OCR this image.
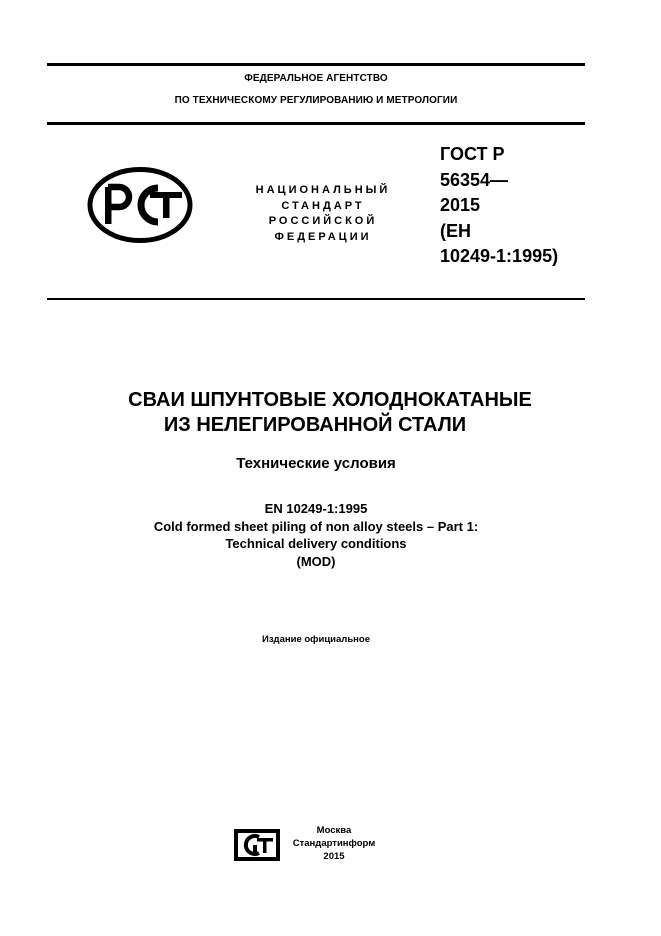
ФЕДЕРАЛЬНОЕ АГЕНТСТВО
ПО ТЕХНИЧЕСКОМУ РЕГУЛИРОВАНИЮ И МЕТРОЛОГИИ
НАЦИОНАЛЬНЫЙ
СТАНДАРТ
РОССИЙСКОЙ
ФЕДЕРАЦИИ
ГОСТ Р
56354—
2015
(ЕН
10249-1:1995)
СВАИ ШПУНТОВЫЕ ХОЛОДНОКАТАНЫЕ
ИЗ НЕЛЕГИРОВАННОЙ СТАЛИ
Технические условия
EN 10249-1:1995
Cold formed sheet piling of non alloy steels – Part 1:
Technical delivery conditions
(MOD)
Издание официальное
Москва
Стандартинформ
2015
